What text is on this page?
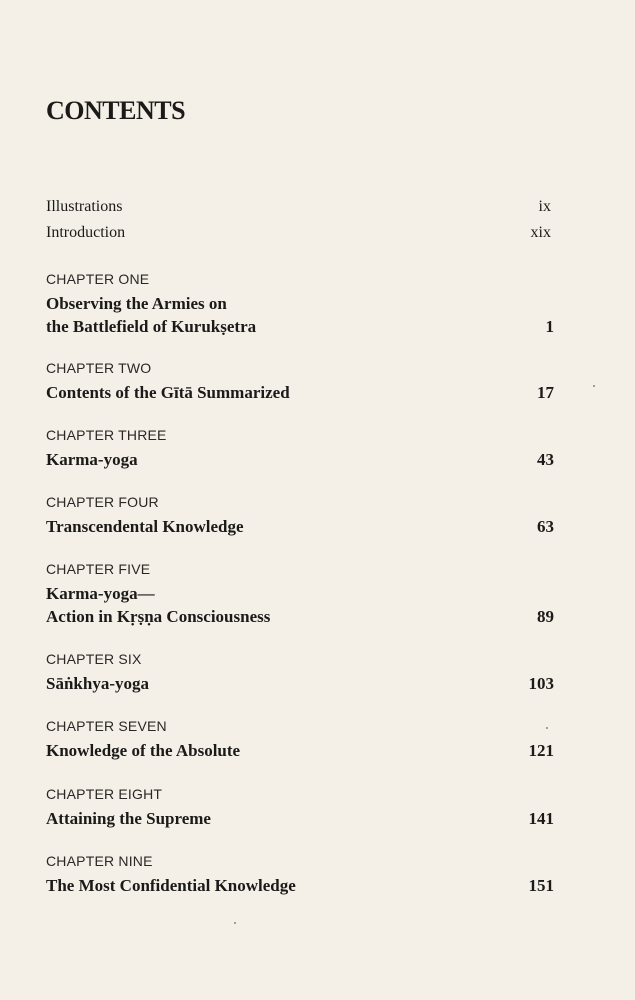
CONTENTS
Illustrations	ix
Introduction	xix
CHAPTER ONE
Observing the Armies on
the Battlefield of Kurukṣetra	1
CHAPTER TWO
Contents of the Gītā Summarized	17
CHAPTER THREE
Karma-yoga	43
CHAPTER FOUR
Transcendental Knowledge	63
CHAPTER FIVE
Karma-yoga—
Action in Kṛṣṇa Consciousness	89
CHAPTER SIX
Sāṅkhya-yoga	103
CHAPTER SEVEN
Knowledge of the Absolute	121
CHAPTER EIGHT
Attaining the Supreme	141
CHAPTER NINE
The Most Confidential Knowledge	151
